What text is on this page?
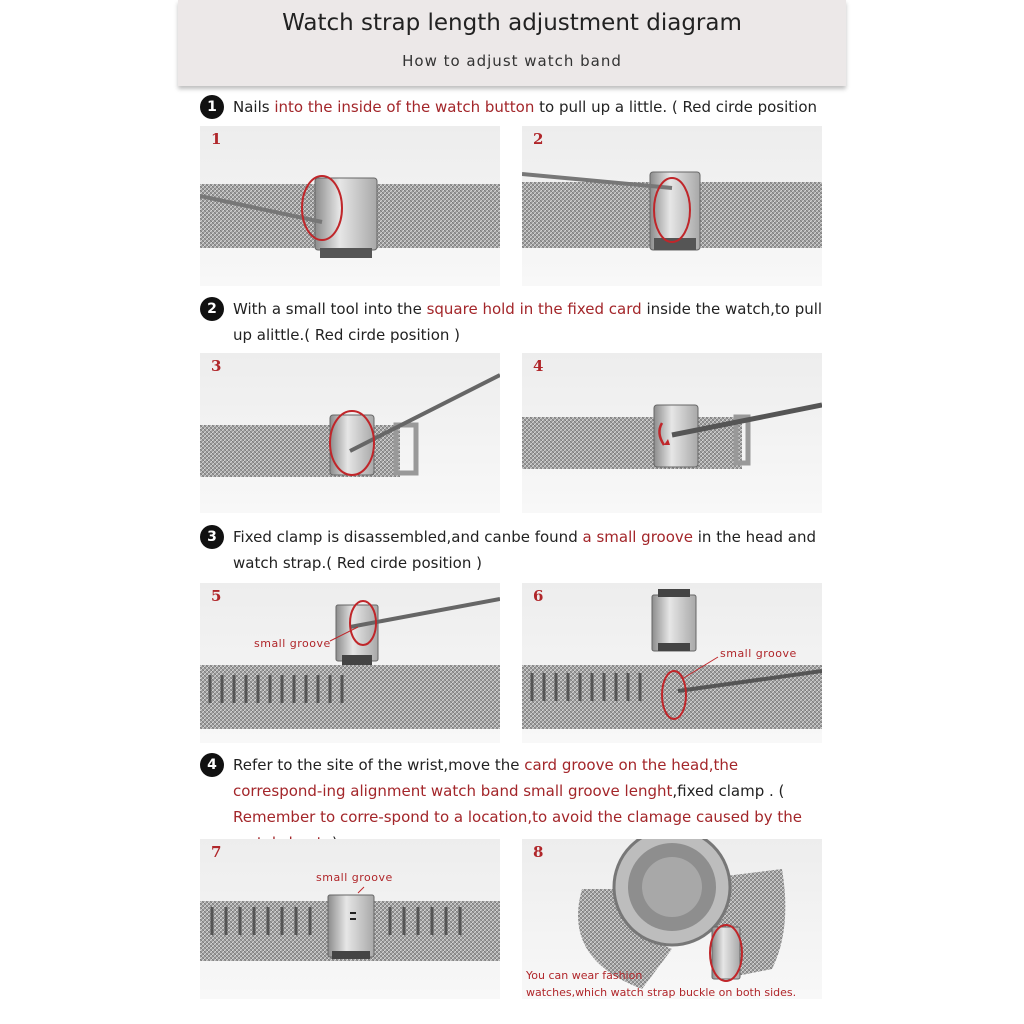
Watch strap length adjustment diagram
How to adjust watch band
1	Nails into the inside of the watch button to pull up a little. ( Red cirde position
1	2
2	With a small tool into the square hold in the fixed card inside the watch,to pull up alittle.( Red cirde position )
3	4
3	Fixed clamp is disassembled,and canbe found a small groove in the head and watch strap.( Red cirde position )
5
small groove
6
small groove
4	Refer to the site of the wrist,move the card groove on the head,the correspond-ing alignment watch band small groove lenght,fixed clamp . ( Remember to corre-spond to a location,to avoid the clamage caused by the
7
small groove
8
You can wear fashion
watches,which watch strap buckle on both sides.
